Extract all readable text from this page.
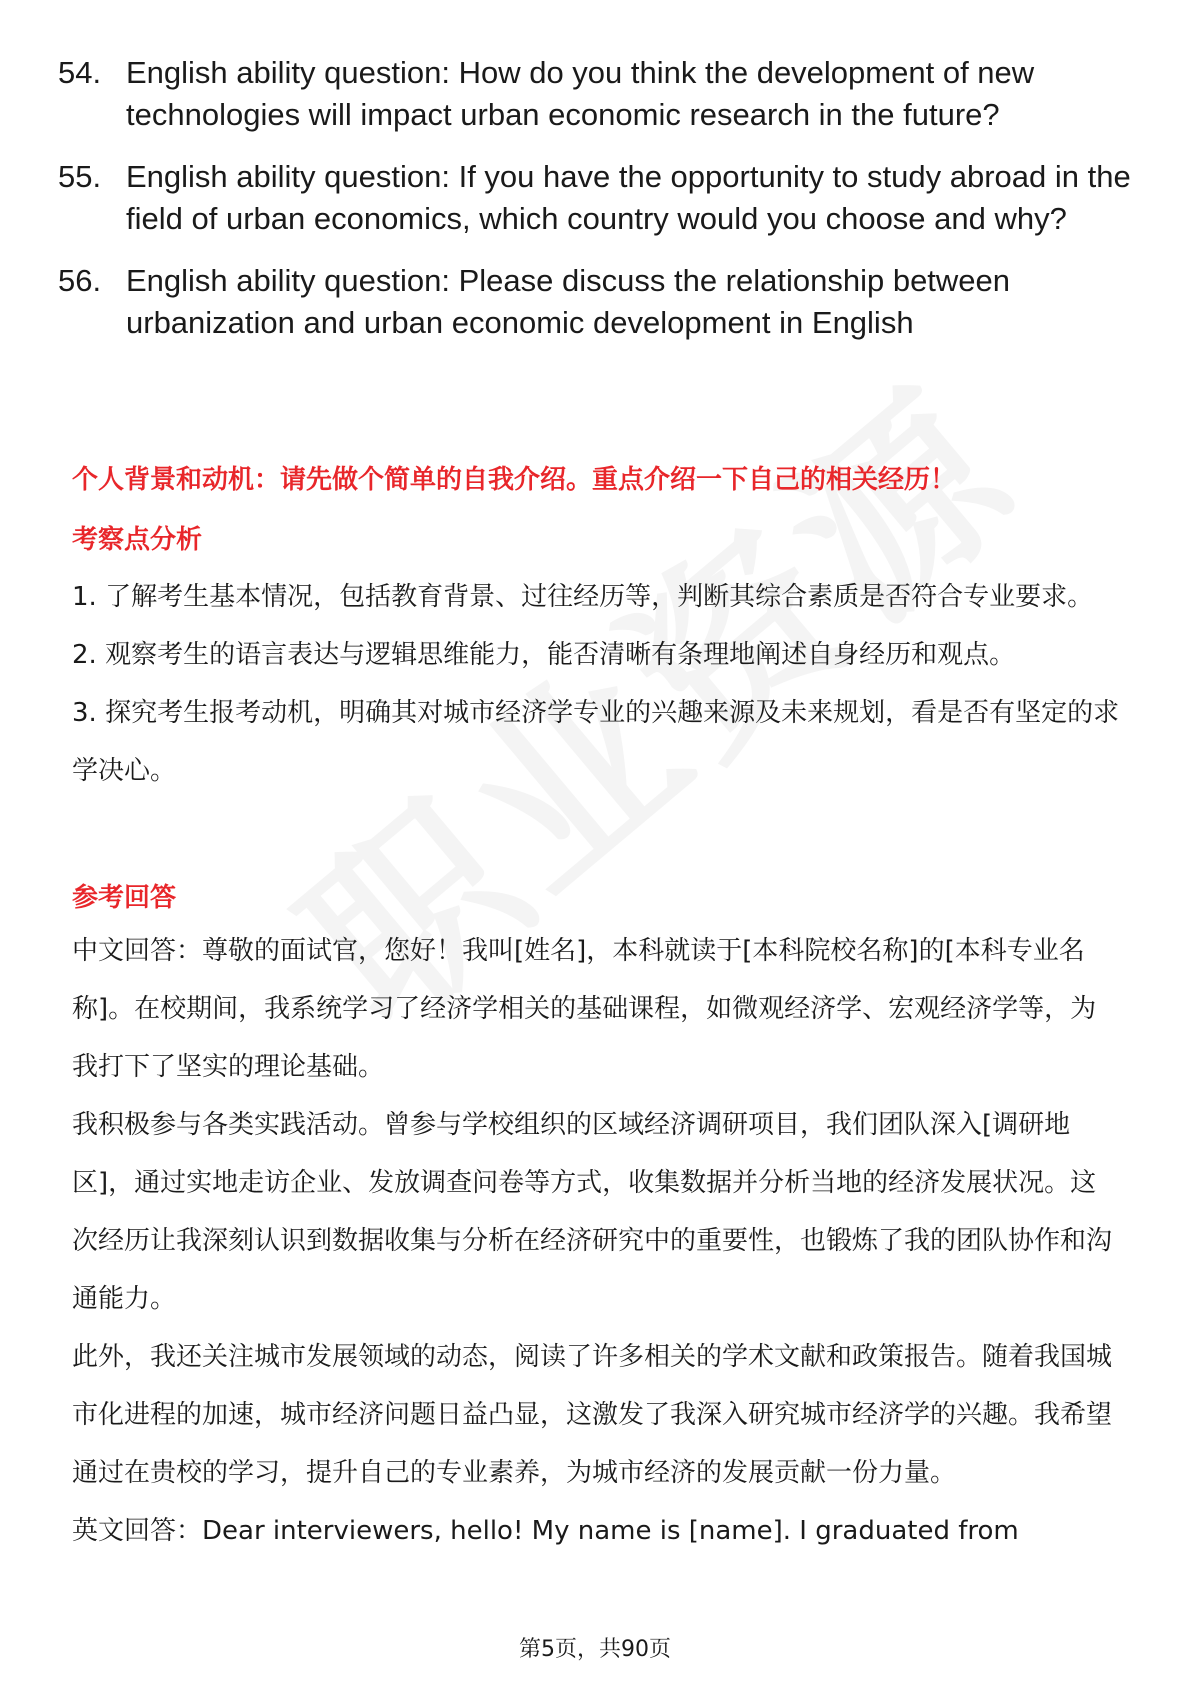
54. English ability question: How do you think the development of new technologies will impact urban economic research in the future?
55. English ability question: If you have the opportunity to study abroad in the field of urban economics, which country would you choose and why?
56. English ability question: Please discuss the relationship between urbanization and urban economic development in English
个人背景和动机：请先做个简单的自我介绍。重点介绍一下自己的相关经历！
考察点分析

1. 了解考生基本情况，包括教育背景、过往经历等，判断其综合素质是否符合专业要求。

2. 观察考生的语言表达与逻辑思维能力，能否清晰有条理地阐述自身经历和观点。

3. 探究考生报考动机，明确其对城市经济学专业的兴趣来源及未来规划，看是否有坚定的求学决心。

参考回答

中文回答：尊敬的面试官，您好！我叫[姓名]，本科就读于[本科院校名称]的[本科专业名称]。在校期间，我系统学习了经济学相关的基础课程，如微观经济学、宏观经济学等，为我打下了坚实的理论基础。

我积极参与各类实践活动。曾参与学校组织的区域经济调研项目，我们团队深入[调研地区]，通过实地走访企业、发放调查问卷等方式，收集数据并分析当地的经济发展状况。这次经历让我深刻认识到数据收集与分析在经济研究中的重要性，也锻炼了我的团队协作和沟通能力。

此外，我还关注城市发展领域的动态，阅读了许多相关的学术文献和政策报告。随着我国城市化进程的加速，城市经济问题日益凸显，这激发了我深入研究城市经济学的兴趣。我希望通过在贵校的学习，提升自己的专业素养，为城市经济的发展贡献一份力量。

英文回答：Dear interviewers, hello! My name is [name]. I graduated from

第5页，共90页
